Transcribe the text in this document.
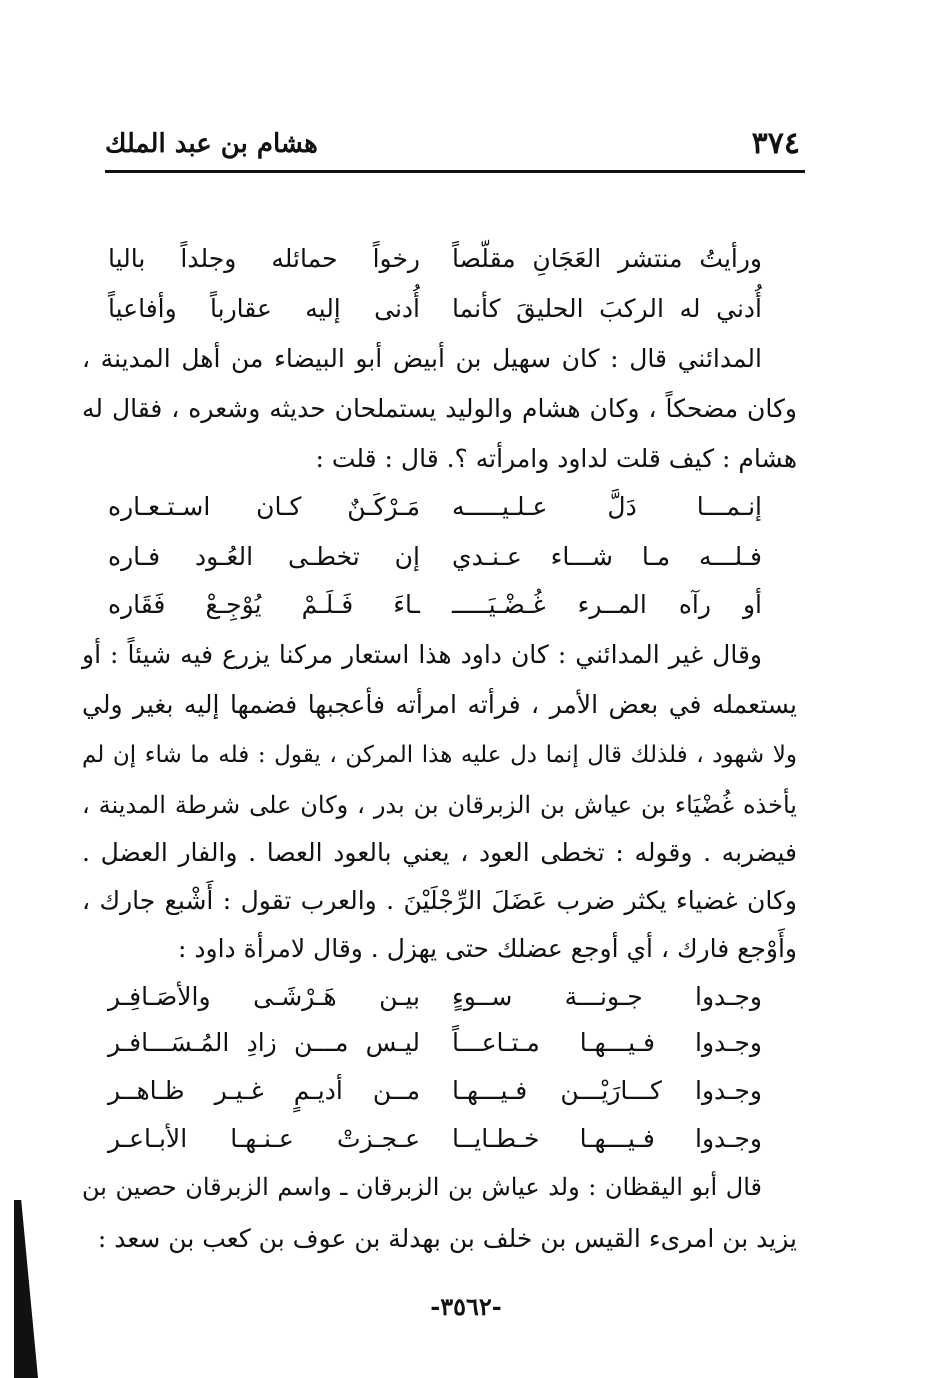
٣٧٤
هشام بن عبد الملك
ورأيتُ منتشر العَجَانِ مقلّصاً
رخواً حمائله وجلداً باليا
أُدني له الركبَ الحليقَ كأنما
أُدنى إليه عقارباً وأفاعياً
المدائني قال : كان سهيل بن أبيض أبو البيضاء من أهل المدينة ،
وكان مضحكاً ، وكان هشام والوليد يستملحان حديثه وشعره ، فقال له
هشام : كيف قلت لداود وامرأته ؟. قال : قلت :
إنـمـــا دَلَّ عـلـيـــــه
مَـرْكَـنٌ كـان اسـتـعـاره
فـلـــه مـا شـــاء عـنـدي
إن تخطـى العُـود فـاره
أو رآه المــرء غُـضْـيَـــــ
ـاءَ فَـلَـمْ يُوْجِـعْ فَقَاره
وقال غير المدائني : كان داود هذا استعار مركنا يزرع فيه شيئاً : أو
يستعمله في بعض الأمر ، فرأته امرأته فأعجبها فضمها إليه بغير ولي
ولا شهود ، فلذلك قال إنما دل عليه هذا المركن ، يقول : فله ما شاء إن لم
يأخذه غُضْيَاء بن عياش بن الزبرقان بن بدر ، وكان على شرطة المدينة ،
فيضربه . وقوله : تخطى العود ، يعني بالعود العصا . والفار العضل .
وكان غضياء يكثر ضرب عَضَلَ الرِّجْلَيْنَ . والعرب تقول : أَشْبع جارك ،
وأَوْجع فارك ، أي أوجع عضلك حتى يهزل . وقال لامرأة داود :
وجـدوا جـونـــة ســوءٍ
بيـن هَـرْشَـى والأصَـافِـر
وجـدوا فـيـــهـا مـتـاعـــاً
ليـس مـــن زادِ المُـسَـــافـر
وجـدوا كـــارَيْـــن فـيـــهـا
مــن أديـمٍ غـيـر ظـاهــر
وجـدوا فـيـــهـا خـطـايــا
عـجـزتْ عـنـهـا الأبـاعـر
قال أبو اليقظان : ولد عياش بن الزبرقان ـ واسم الزبرقان حصين بن
يزيد بن امرىء القيس بن خلف بن بهدلة بن عوف بن كعب بن سعد :
-٣٥٦٢-
